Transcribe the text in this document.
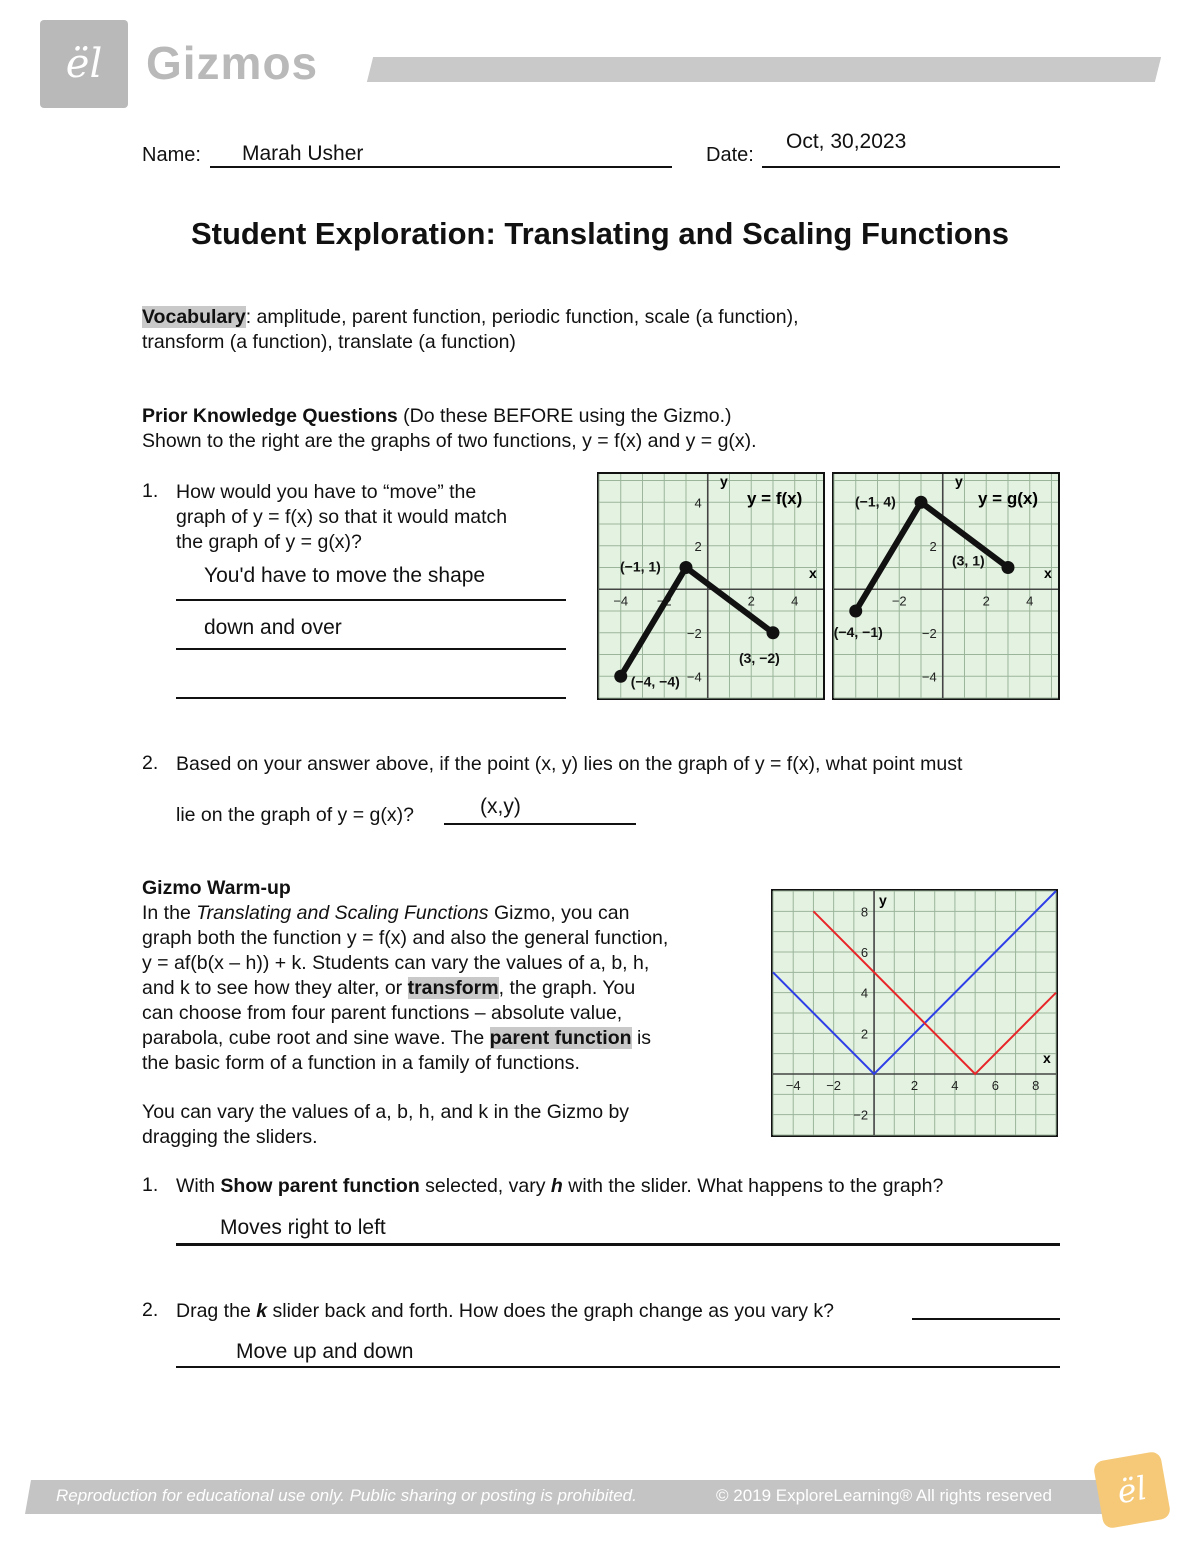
ël Gizmos
Name: Marah Usher	Date:
Oct, 30,2023
Student Exploration: Translating and Scaling Functions
Vocabulary: amplitude, parent function, periodic function, scale (a function),
transform (a function), translate (a function)
Prior Knowledge Questions (Do these BEFORE using the Gizmo.)
Shown to the right are the graphs of two functions, y = f(x) and y = g(x).
1. How would you have to “move” the
graph of y = f(x) so that it would match
the graph of y = g(x)?
You'd have to move the shape
down and over
−4 −2	2	4
4
2
−2
−4
(−4, −4)
(−1, 1)
(3, −2)
y = f(x)
y
x
−2	2	4
2
−2
−4
(−4, −1)
(−1, 4)
(3, 1)
y = g(x)
y
x
2. Based on your answer above, if the point (x, y) lies on the graph of y = f(x), what point must
lie on the graph of y = g(x)?	(x,y)
Gizmo Warm-up
In the Translating and Scaling Functions Gizmo, you can
graph both the function y = f(x) and also the general function,
y = af(b(x – h)) + k. Students can vary the values of a, b, h,
and k to see how they alter, or transform, the graph. You
can choose from four parent functions – absolute value,
parabola, cube root and sine wave. The parent function is
the basic form of a function in a family of functions.
You can vary the values of a, b, h, and k in the Gizmo by
dragging the sliders.
−4 −2	2	4	6	8
8
6
4
2
−2
y
x
1. With Show parent function selected, vary h with the slider. What happens to the graph?
Moves right to left
2. Drag the k slider back and forth. How does the graph change as you vary k?
Move up and down
Reproduction for educational use only. Public sharing or posting is prohibited.	© 2019 ExploreLearning® All rights reserved	ël
